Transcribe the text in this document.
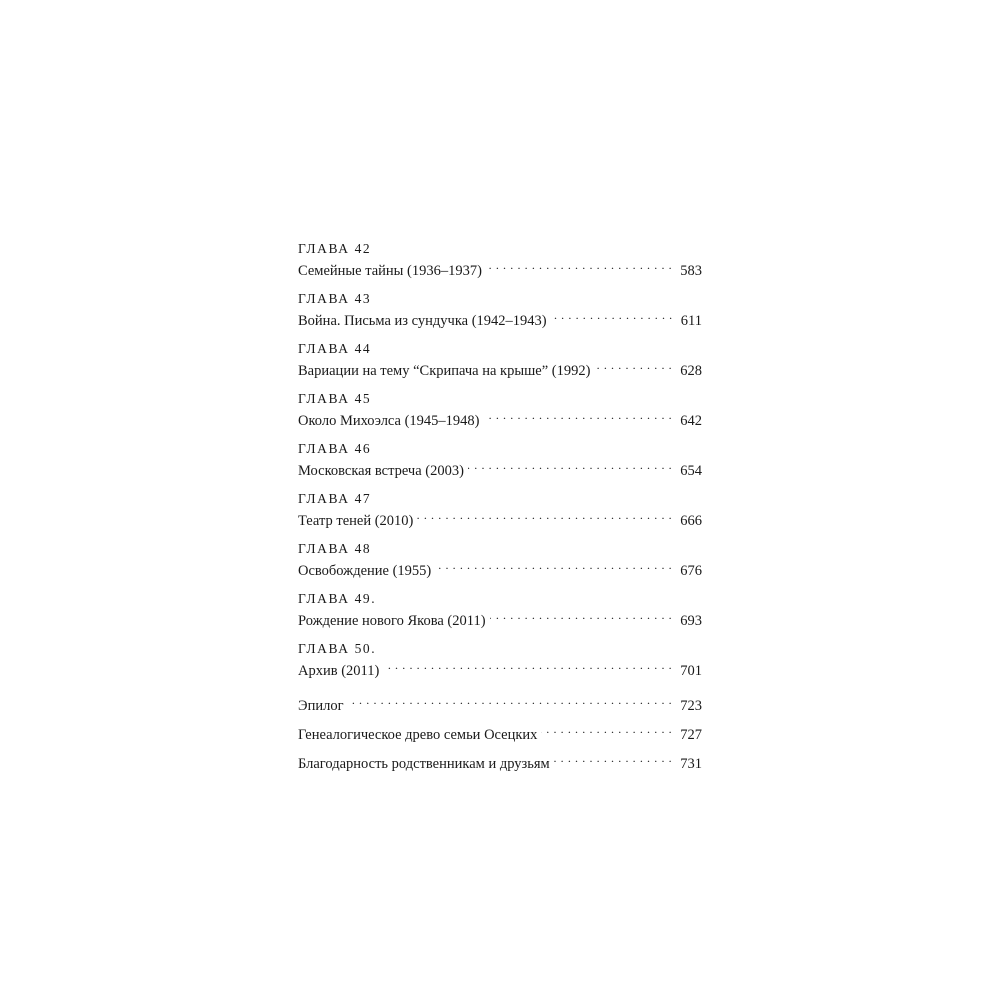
ГЛАВА 42
Семейные тайны (1936–1937) . . .	583
ГЛАВА 43
Война. Письма из сундучка (1942–1943) . . .	611
ГЛАВА 44
Вариации на тему “Скрипача на крыше” (1992) . . .	628
ГЛАВА 45
Около Михоэлса (1945–1948) . . .	642
ГЛАВА 46
Московская встреча (2003) . . .	654
ГЛАВА 47
Театр теней (2010) . . .	666
ГЛАВА 48
Освобождение (1955) . . .	676
ГЛАВА 49.
Рождение нового Якова (2011) . . .	693
ГЛАВА 50.
Архив (2011) . . .	701
Эпилог . . .	723
Генеалогическое древо семьи Осецких . . .	727
Благодарность родственникам и друзьям . . .	731
